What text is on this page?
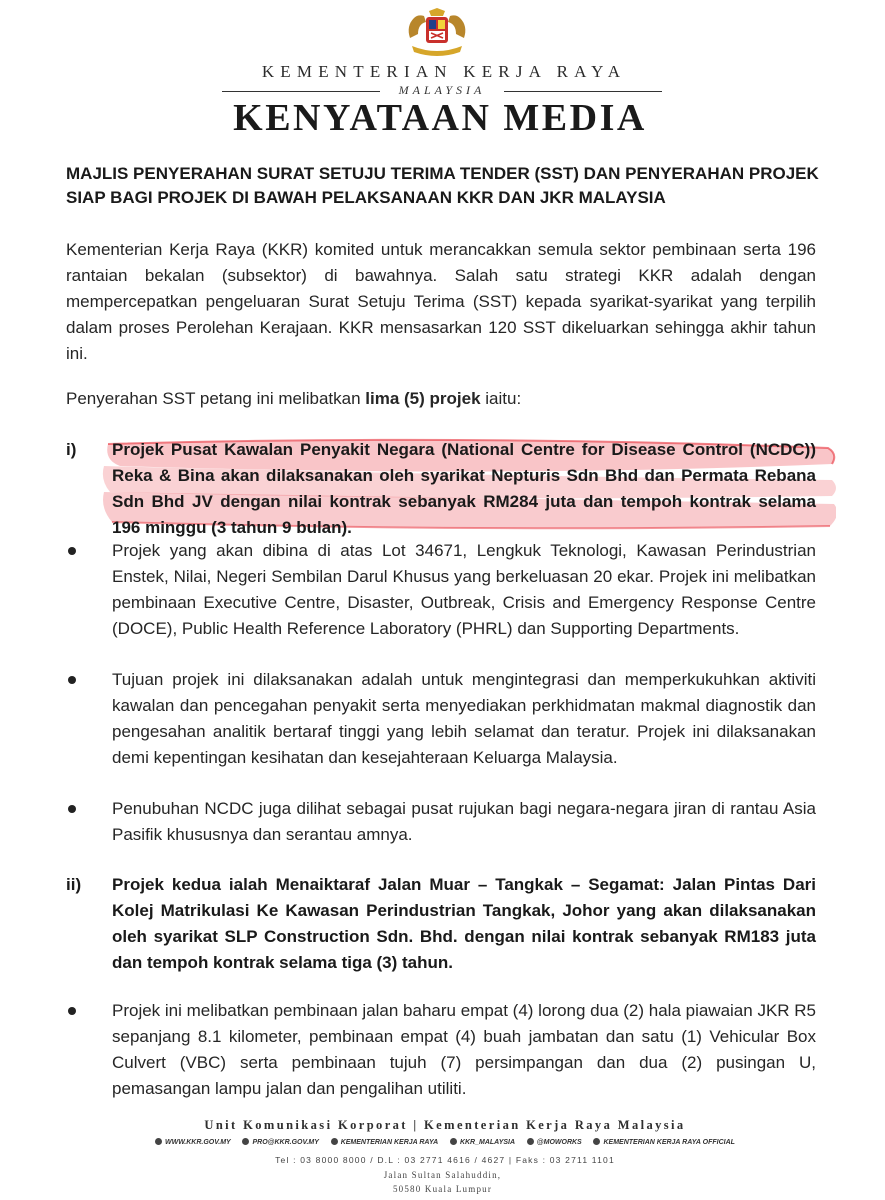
KEMENTERIAN KERJA RAYA
MALAYSIA
KENYATAAN MEDIA
MAJLIS PENYERAHAN SURAT SETUJU TERIMA TENDER (SST) DAN PENYERAHAN PROJEK SIAP BAGI PROJEK DI BAWAH PELAKSANAAN KKR DAN JKR MALAYSIA
Kementerian Kerja Raya (KKR) komited untuk merancakkan semula sektor pembinaan serta 196 rantaian bekalan (subsektor) di bawahnya. Salah satu strategi KKR adalah dengan mempercepatkan pengeluaran Surat Setuju Terima (SST) kepada syarikat-syarikat yang terpilih dalam proses Perolehan Kerajaan. KKR mensasarkan 120 SST dikeluarkan sehingga akhir tahun ini.
Penyerahan SST petang ini melibatkan lima (5) projek iaitu:
i) Projek Pusat Kawalan Penyakit Negara (National Centre for Disease Control (NCDC)) Reka & Bina akan dilaksanakan oleh syarikat Nepturis Sdn Bhd dan Permata Rebana Sdn Bhd JV dengan nilai kontrak sebanyak RM284 juta dan tempoh kontrak selama 196 minggu (3 tahun 9 bulan).
Projek yang akan dibina di atas Lot 34671, Lengkuk Teknologi, Kawasan Perindustrian Enstek, Nilai, Negeri Sembilan Darul Khusus yang berkeluasan 20 ekar. Projek ini melibatkan pembinaan Executive Centre, Disaster, Outbreak, Crisis and Emergency Response Centre (DOCE), Public Health Reference Laboratory (PHRL) dan Supporting Departments.
Tujuan projek ini dilaksanakan adalah untuk mengintegrasi dan memperkukuhkan aktiviti kawalan dan pencegahan penyakit serta menyediakan perkhidmatan makmal diagnostik dan pengesahan analitik bertaraf tinggi yang lebih selamat dan teratur. Projek ini dilaksanakan demi kepentingan kesihatan dan kesejahteraan Keluarga Malaysia.
Penubuhan NCDC juga dilihat sebagai pusat rujukan bagi negara-negara jiran di rantau Asia Pasifik khususnya dan serantau amnya.
ii) Projek kedua ialah Menaiktaraf Jalan Muar – Tangkak – Segamat: Jalan Pintas Dari Kolej Matrikulasi Ke Kawasan Perindustrian Tangkak, Johor yang akan dilaksanakan oleh syarikat SLP Construction Sdn. Bhd. dengan nilai kontrak sebanyak RM183 juta dan tempoh kontrak selama tiga (3) tahun.
Projek ini melibatkan pembinaan jalan baharu empat (4) lorong dua (2) hala piawaian JKR R5 sepanjang 8.1 kilometer, pembinaan empat (4) buah jambatan dan satu (1) Vehicular Box Culvert (VBC) serta pembinaan tujuh (7) persimpangan dan dua (2) pusingan U, pemasangan lampu jalan dan pengalihan utiliti.
Unit Komunikasi Korporat | Kementerian Kerja Raya Malaysia
WWW.KKR.GOV.MY	PRO@KKR.GOV.MY	KEMENTERIAN KERJA RAYA	KKR_MALAYSIA	@MOWORKS	KEMENTERIAN KERJA RAYA OFFICIAL
Tel : 03 8000 8000 / D.L : 03 2771 4616 / 4627 | Faks : 03 2711 1101
Jalan Sultan Salahuddin,
50580 Kuala Lumpur
